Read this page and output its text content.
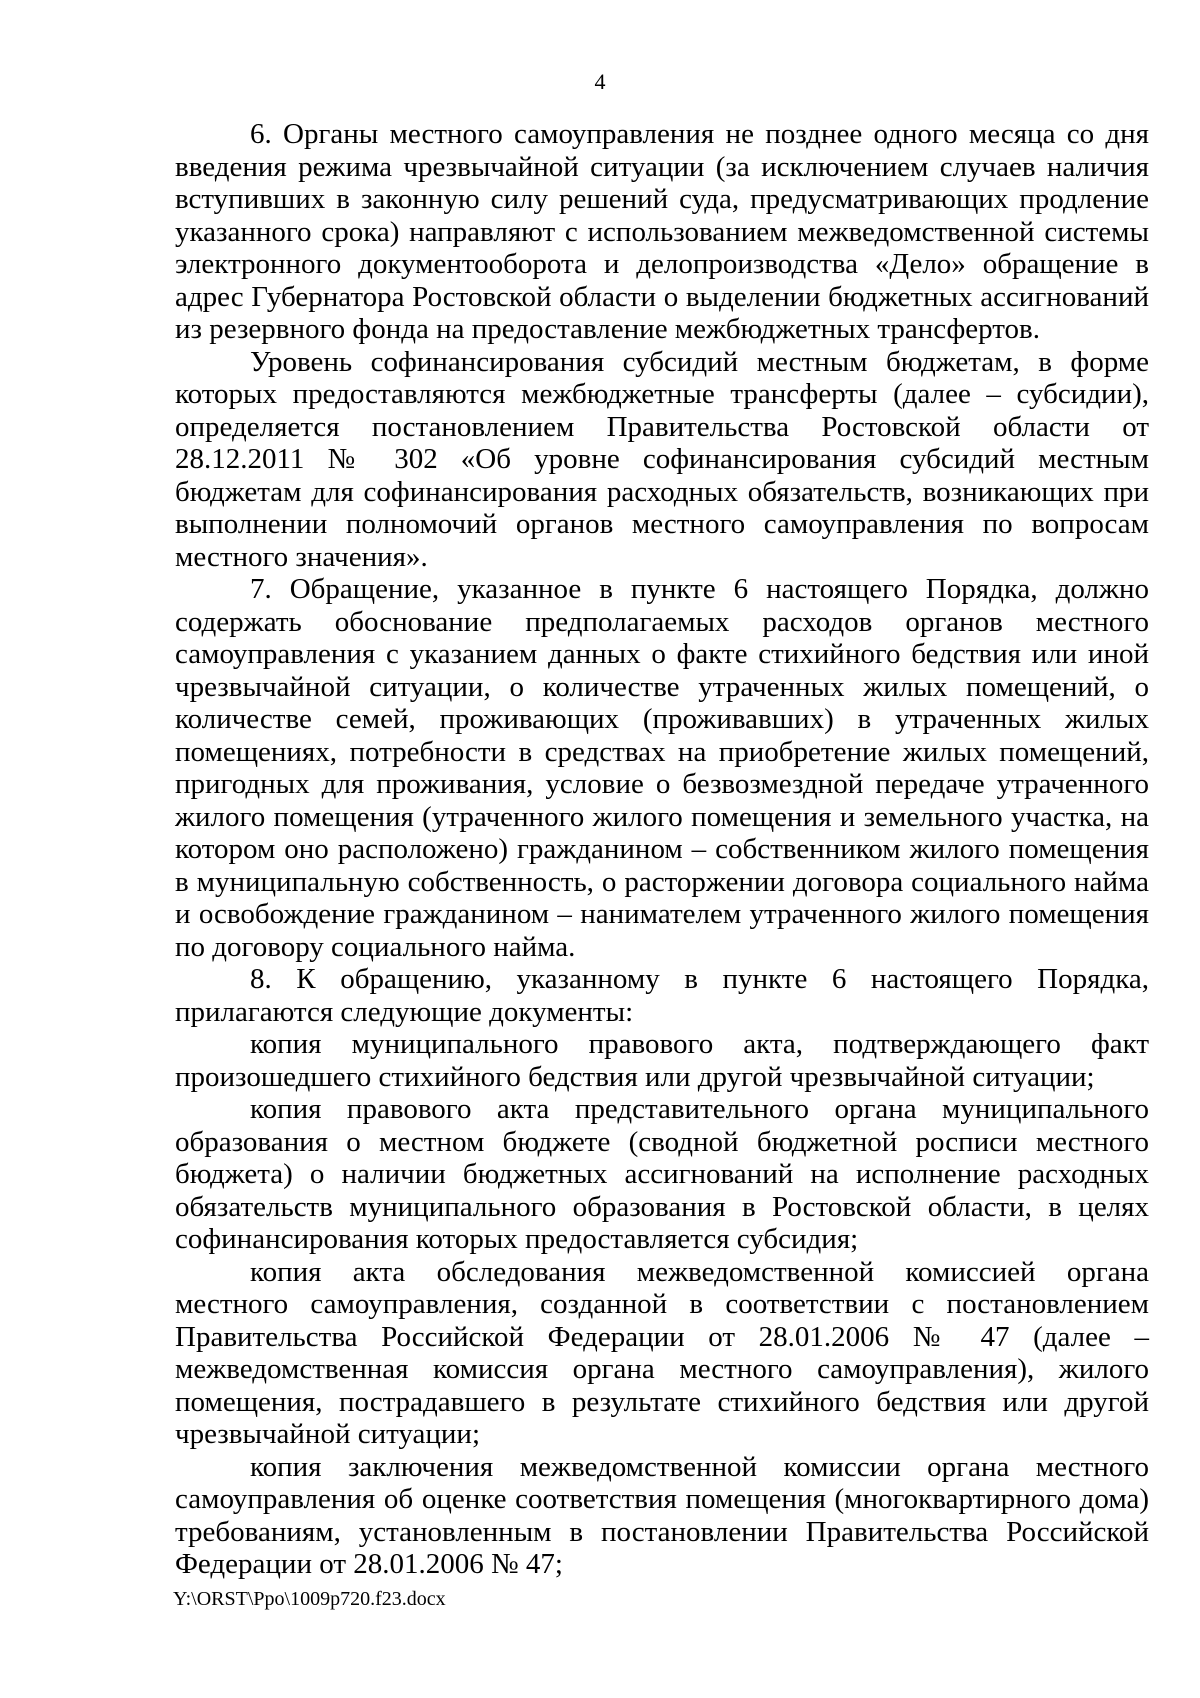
4

6. Органы местного самоуправления не позднее одного месяца со дня введения режима чрезвычайной ситуации (за исключением случаев наличия вступивших в законную силу решений суда, предусматривающих продление указанного срока) направляют с использованием межведомственной системы электронного документооборота и делопроизводства «Дело» обращение в адрес Губернатора Ростовской области о выделении бюджетных ассигнований из резервного фонда на предоставление межбюджетных трансфертов.

Уровень софинансирования субсидий местным бюджетам, в форме которых предоставляются межбюджетные трансферты (далее – субсидии), определяется постановлением Правительства Ростовской области от 28.12.2011 № 302 «Об уровне софинансирования субсидий местным бюджетам для софинансирования расходных обязательств, возникающих при выполнении полномочий органов местного самоуправления по вопросам местного значения».

7. Обращение, указанное в пункте 6 настоящего Порядка, должно содержать обоснование предполагаемых расходов органов местного самоуправления с указанием данных о факте стихийного бедствия или иной чрезвычайной ситуации, о количестве утраченных жилых помещений, о количестве семей, проживающих (проживавших) в утраченных жилых помещениях, потребности в средствах на приобретение жилых помещений, пригодных для проживания, условие о безвозмездной передаче утраченного жилого помещения (утраченного жилого помещения и земельного участка, на котором оно расположено) гражданином – собственником жилого помещения в муниципальную собственность, о расторжении договора социального найма и освобождение гражданином – нанимателем утраченного жилого помещения по договору социального найма.

8. К обращению, указанному в пункте 6 настоящего Порядка, прилагаются следующие документы:

копия муниципального правового акта, подтверждающего факт произошедшего стихийного бедствия или другой чрезвычайной ситуации;

копия правового акта представительного органа муниципального образования о местном бюджете (сводной бюджетной росписи местного бюджета) о наличии бюджетных ассигнований на исполнение расходных обязательств муниципального образования в Ростовской области, в целях софинансирования которых предоставляется субсидия;

копия акта обследования межведомственной комиссией органа местного самоуправления, созданной в соответствии с постановлением Правительства Российской Федерации от 28.01.2006 № 47 (далее – межведомственная комиссия органа местного самоуправления), жилого помещения, пострадавшего в результате стихийного бедствия или другой чрезвычайной ситуации;

копия заключения межведомственной комиссии органа местного самоуправления об оценке соответствия помещения (многоквартирного дома) требованиям, установленным в постановлении Правительства Российской Федерации от 28.01.2006 № 47;

Y:\ORST\Ppo\1009p720.f23.docx
